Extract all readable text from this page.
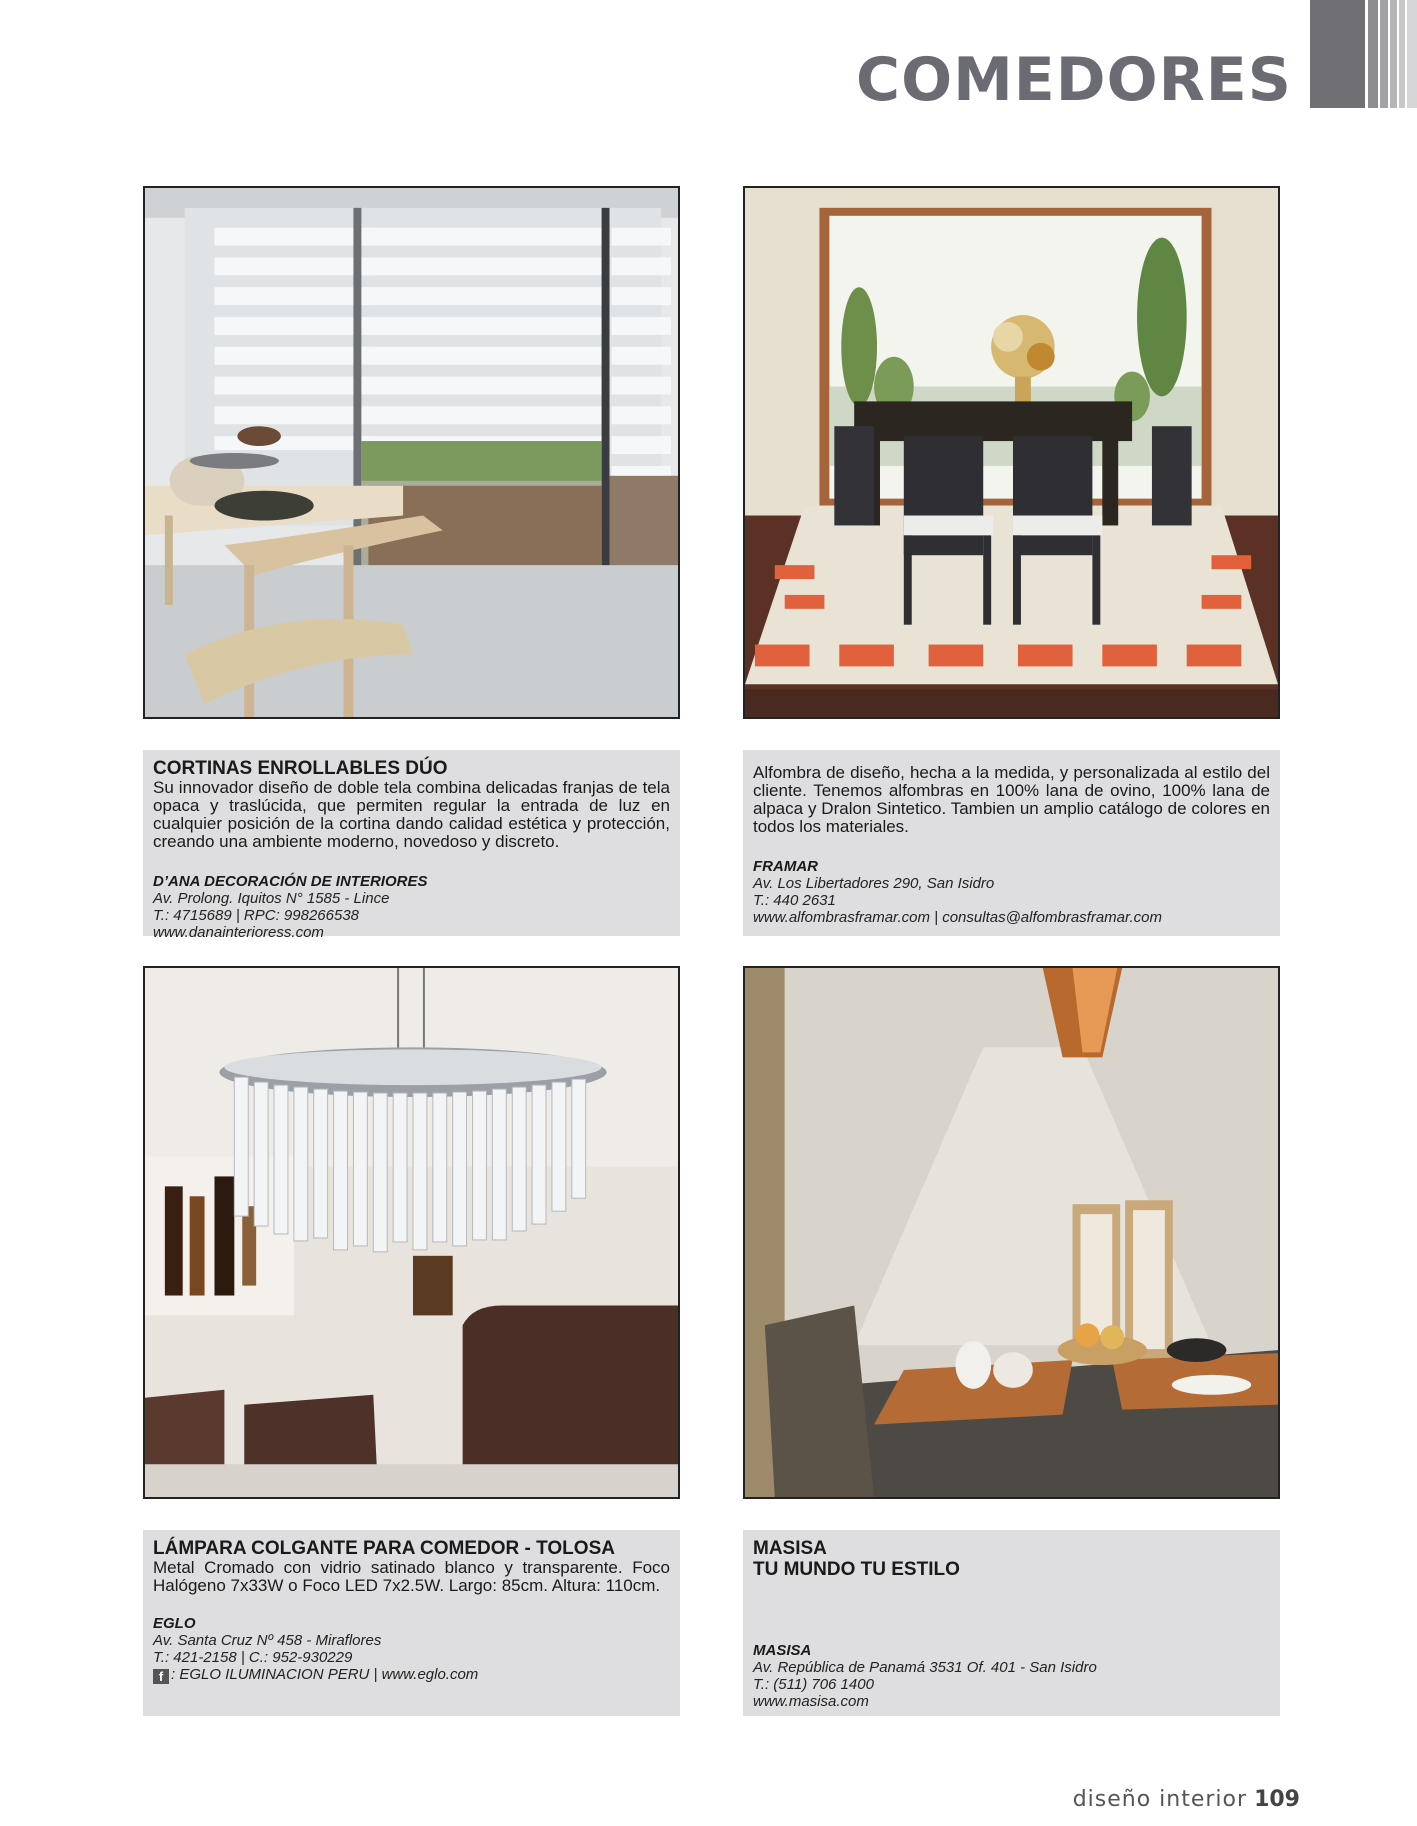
COMEDORES
CORTINAS ENROLLABLES DÚO

Su innovador diseño de doble tela combina delicadas franjas de tela opaca y traslúcida, que permiten regular la entrada de luz en cualquier posición de la cortina dando calidad estética y protección, creando una ambiente moderno, novedoso y discreto.

D’ANA DECORACIÓN DE INTERIORES

Av. Prolong. Iquitos N° 1585 - Lince

T.: 4715689 | RPC: 998266538

www.danainterioress.com

Alfombra de diseño, hecha a la medida, y personalizada al estilo del cliente. Tenemos alfombras en 100% lana de ovino, 100% lana de alpaca y Dralon Sintetico. Tambien un amplio catálogo de colores en todos los materiales.

FRAMAR

Av. Los Libertadores 290, San Isidro

T.: 440 2631

www.alfombrasframar.com | consultas@alfombrasframar.com

LÁMPARA COLGANTE PARA COMEDOR - TOLOSA

Metal Cromado con vidrio satinado blanco y transparente. Foco Halógeno 7x33W o Foco LED 7x2.5W. Largo: 85cm. Altura: 110cm.

EGLO

Av. Santa Cruz Nº 458 - Miraflores

T.: 421-2158 | C.: 952-930229

f : EGLO ILUMINACION PERU | www.eglo.com

MASISA
TU MUNDO TU ESTILO

MASISA

Av. República de Panamá 3531 Of. 401 - San Isidro

T.: (511) 706 1400

www.masisa.com

diseño interior 109
